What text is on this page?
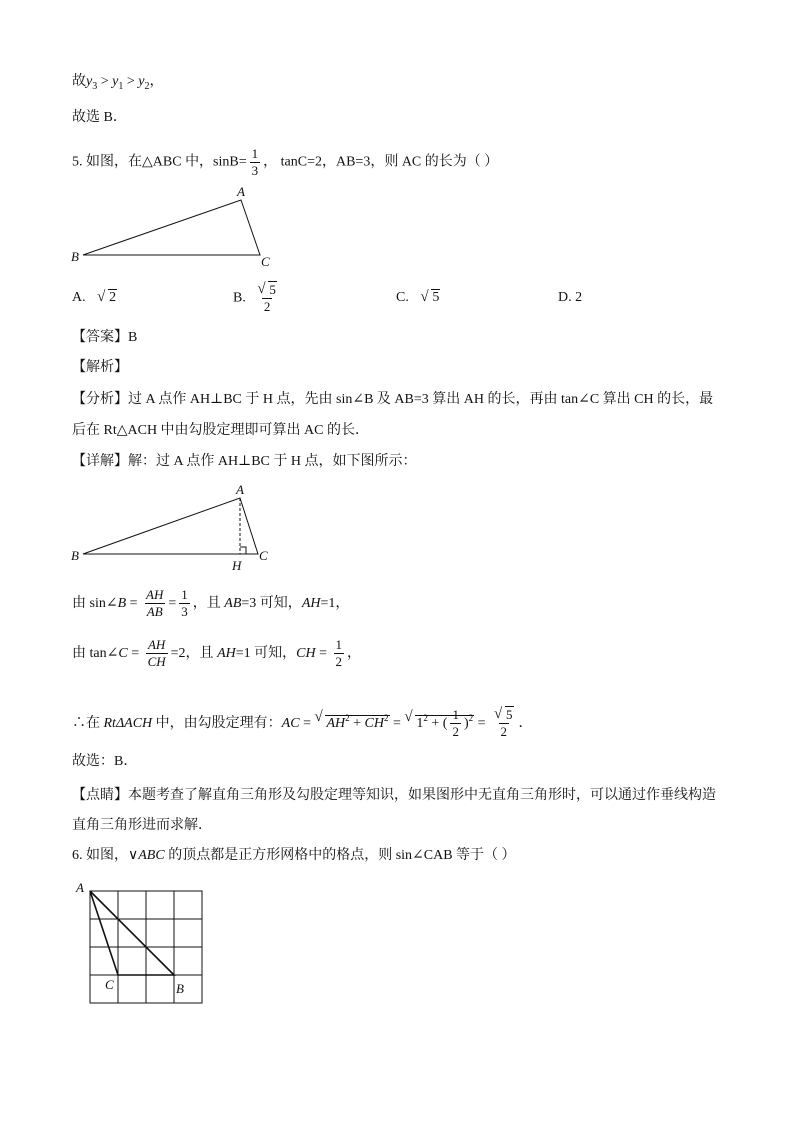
故$y_3 > y_1 > y_2$，
故选 B．
5. 如图，在△ABC 中，$\sin B= \frac{1}{3}$ ， tanC=2，AB=3，则 AC 的长为（ ）
A
B	C
A. √ 2	B. √ $\frac{5}{2}$	C. √ 5	D. 2
【答案】B
【解析】
【分析】过 A 点作 AH⊥BC 于 H 点，先由 sin∠B 及 AB=3 算出 AH 的长，再由 tan∠C 算出 CH 的长，最
后在 Rt△ACH 中由勾股定理即可算出 AC 的长．
【详解】解：过 A 点作 AH⊥BC 于 H 点，如下图所示：
A
B	C
H
由 sin∠B = $\frac{AH}{AB} = \frac{1}{3}$ ，且 AB=3 可知，AH=1，
由 tan∠C = $\frac{AH}{CH} =2$，且 AH=1 可知，CH = $\frac{1}{2}$ ，
∴在 RtΔACH 中，由勾股定理有：AC = √ $AH^2 + CH^2$ = √ $1^2$ + ( $\frac{1}{2} )^2$ = √ $\frac{5}{2}$ ．
故选：B．
【点睛】本题考查了解直角三角形及勾股定理等知识，如果图形中无直角三角形时，可以通过作垂线构造
直角三角形进而求解．
6. 如图，∨ABC 的顶点都是正方形网格中的格点，则 sin∠CAB 等于（ ）
A
C	B
